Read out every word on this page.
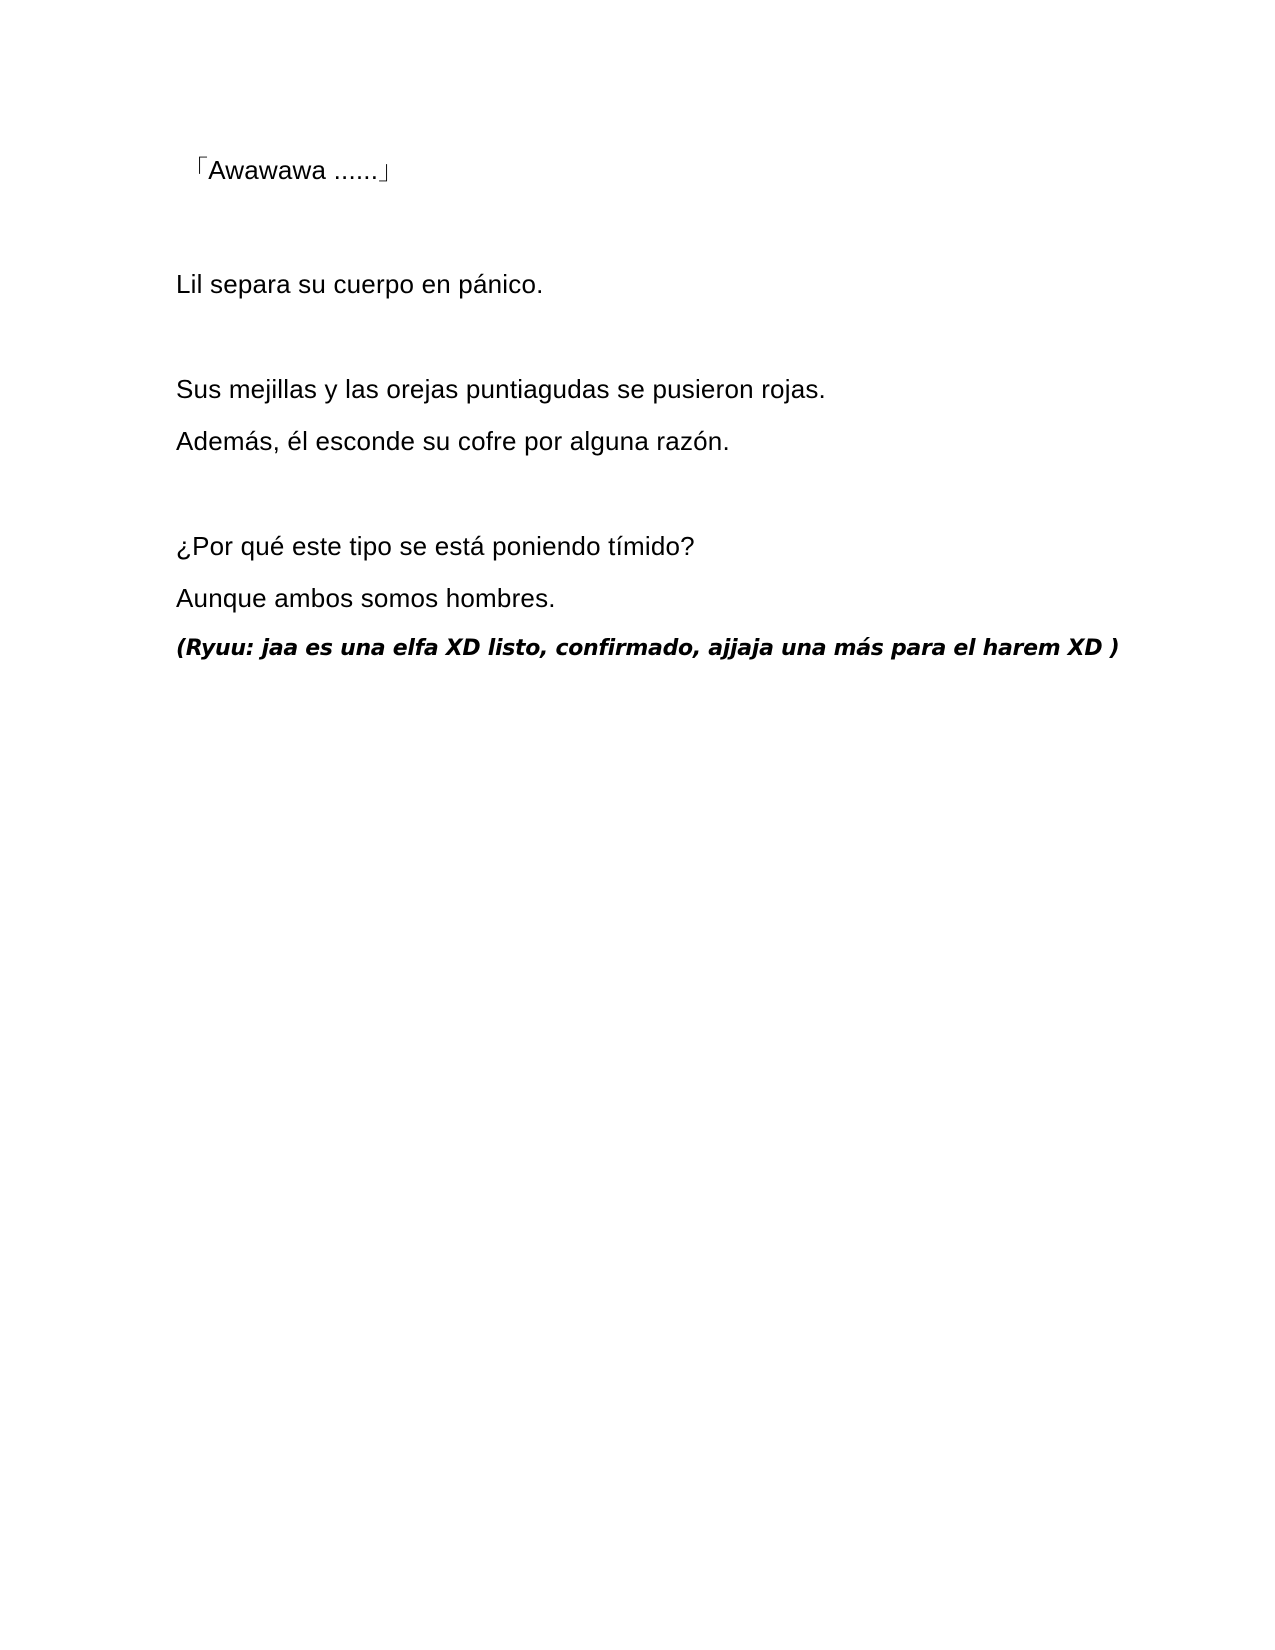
「Awawawa ......」

Lil separa su cuerpo en pánico.

Sus mejillas y las orejas puntiagudas se pusieron rojas.

Además, él esconde su cofre por alguna razón.

¿Por qué este tipo se está poniendo tímido?

Aunque ambos somos hombres.

(Ryuu: jaa es una elfa XD listo, confirmado, ajjaja una más para el harem XD )
